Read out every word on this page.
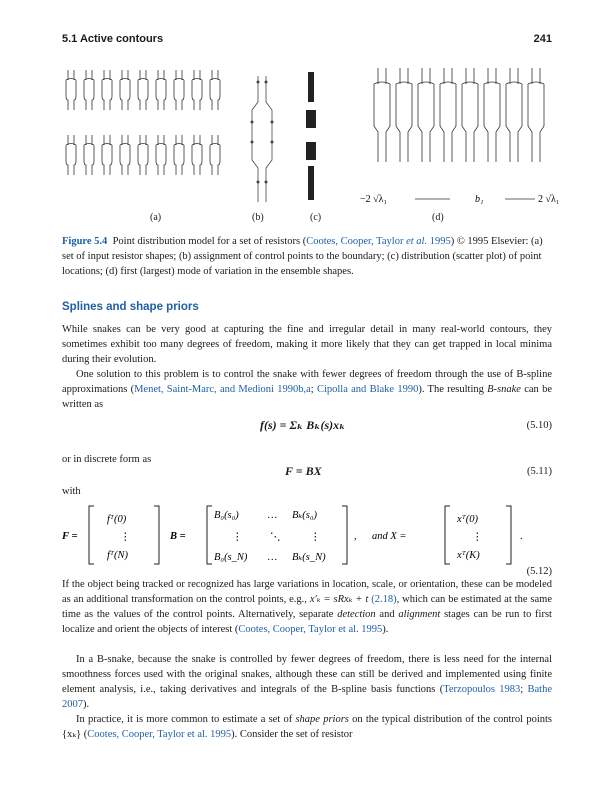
5.1 Active contours	241
−2 √λ₁	b₁	2 √λ₁
(a)	(b)	(c)	(d)
Figure 5.4 Point distribution model for a set of resistors (Cootes, Cooper, Taylor et al. 1995) © 1995 Elsevier: (a) set of input resistor shapes; (b) assignment of control points to the boundary; (c) distribution (scatter plot) of point locations; (d) first (largest) mode of variation in the ensemble shapes.
Splines and shape priors
While snakes can be very good at capturing the fine and irregular detail in many real-world contours, they sometimes exhibit too many degrees of freedom, making it more likely that they can get trapped in local minima during their evolution.
One solution to this problem is to control the snake with fewer degrees of freedom through the use of B-spline approximations (Menet, Saint-Marc, and Medioni 1990b,a; Cipolla and Blake 1990). The resulting B-snake can be written as
f(s) = Σₖ Bₖ(s)xₖ	(5.10)
or in discrete form as
F = BX	(5.11)
with
F =
fᵀ(0)
⋮
fᵀ(N)
B =
B₀(s₀)	… Bₖ(s₀)
⋮	⋱	⋮
B₀(s_N) … Bₖ(s_N)
, and X =
xᵀ(0)
⋮
xᵀ(K)
.
(5.12)
If the object being tracked or recognized has large variations in location, scale, or orientation, these can be modeled as an additional transformation on the control points, e.g., x′ₖ = sRxₖ + t (2.18), which can be estimated at the same time as the values of the control points. Alternatively, separate detection and alignment stages can be run to first localize and orient the objects of interest (Cootes, Cooper, Taylor et al. 1995).
In a B-snake, because the snake is controlled by fewer degrees of freedom, there is less need for the internal smoothness forces used with the original snakes, although these can still be derived and implemented using finite element analysis, i.e., taking derivatives and integrals of the B-spline basis functions (Terzopoulos 1983; Bathe 2007).
In practice, it is more common to estimate a set of shape priors on the typical distribution of the control points {xₖ} (Cootes, Cooper, Taylor et al. 1995). Consider the set of resistor
